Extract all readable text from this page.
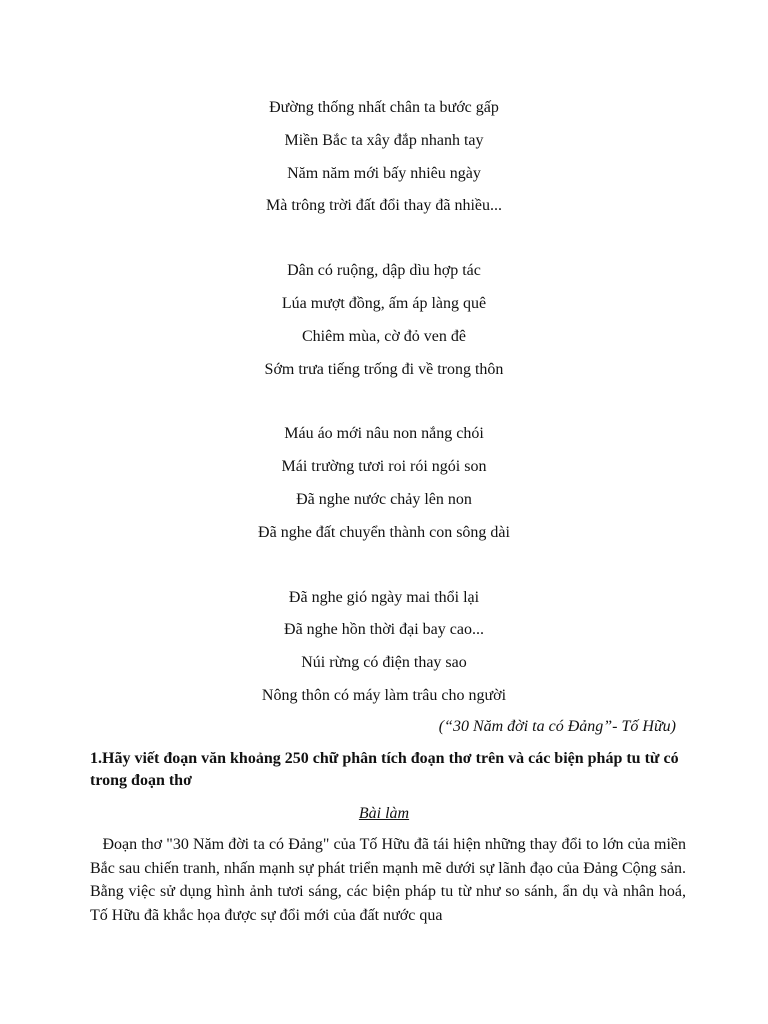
Đường thống nhất chân ta bước gấp
Miền Bắc ta xây đắp nhanh tay
Năm năm mới bấy nhiêu ngày
Mà trông trời đất đổi thay đã nhiều...
Dân có ruộng, dập dìu hợp tác
Lúa mượt đồng, ấm áp làng quê
Chiêm mùa, cờ đỏ ven đê
Sớm trưa tiếng trống đi về trong thôn
Máu áo mới nâu non nắng chói
Mái trường tươi roi rói ngói son
Đã nghe nước chảy lên non
Đã nghe đất chuyển thành con sông dài
Đã nghe gió ngày mai thổi lại
Đã nghe hồn thời đại bay cao...
Núi rừng có điện thay sao
Nông thôn có máy làm trâu cho người
(“30 Năm đời ta có Đảng”- Tố Hữu)
1.Hãy viết đoạn văn khoảng 250 chữ phân tích đoạn thơ trên và các biện pháp tu từ có trong đoạn thơ
Bài làm
Đoạn thơ "30 Năm đời ta có Đảng" của Tố Hữu đã tái hiện những thay đổi to lớn của miền Bắc sau chiến tranh, nhấn mạnh sự phát triển mạnh mẽ dưới sự lãnh đạo của Đảng Cộng sản. Bằng việc sử dụng hình ảnh tươi sáng, các biện pháp tu từ như so sánh, ẩn dụ và nhân hoá, Tố Hữu đã khắc họa được sự đổi mới của đất nước qua
